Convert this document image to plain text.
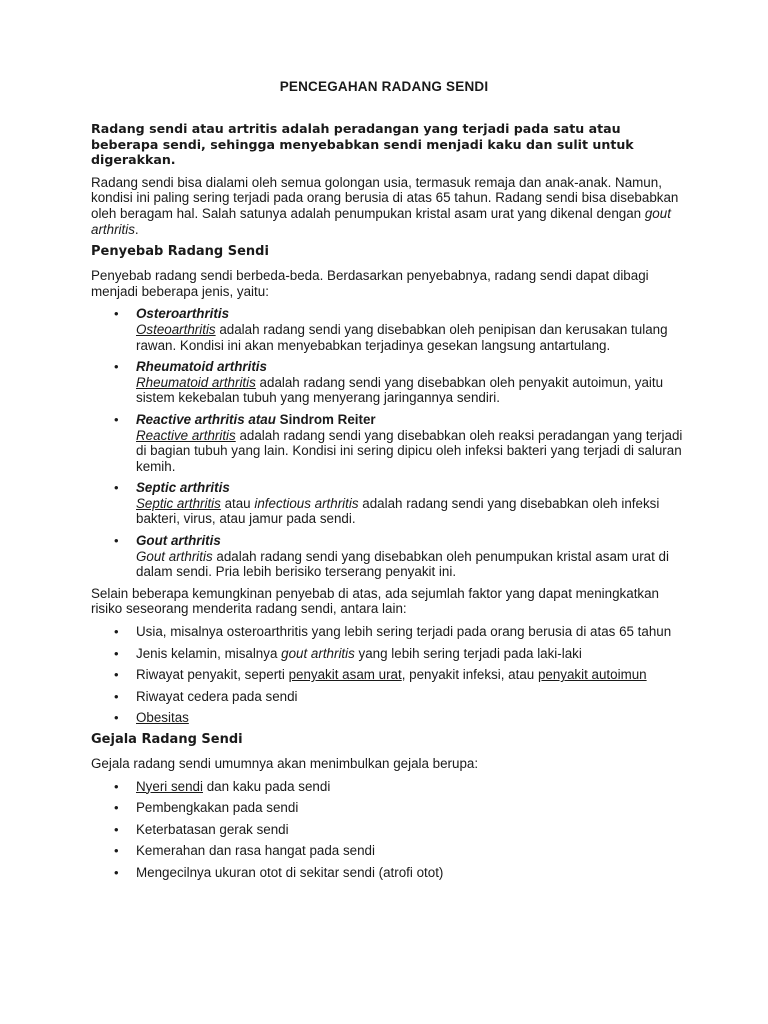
PENCEGAHAN RADANG SENDI

Radang sendi atau artritis adalah peradangan yang terjadi pada satu atau beberapa sendi, sehingga menyebabkan sendi menjadi kaku dan sulit untuk digerakkan.

Radang sendi bisa dialami oleh semua golongan usia, termasuk remaja dan anak-anak. Namun, kondisi ini paling sering terjadi pada orang berusia di atas 65 tahun. Radang sendi bisa disebabkan oleh beragam hal. Salah satunya adalah penumpukan kristal asam urat yang dikenal dengan gout arthritis.

Penyebab Radang Sendi

Penyebab radang sendi berbeda-beda. Berdasarkan penyebabnya, radang sendi dapat dibagi menjadi beberapa jenis, yaitu:

• Osteroarthritis
Osteoarthritis adalah radang sendi yang disebabkan oleh penipisan dan kerusakan tulang rawan. Kondisi ini akan menyebabkan terjadinya gesekan langsung antartulang.
• Rheumatoid arthritis
Rheumatoid arthritis adalah radang sendi yang disebabkan oleh penyakit autoimun, yaitu sistem kekebalan tubuh yang menyerang jaringannya sendiri.
• Reactive arthritis atau Sindrom Reiter
Reactive arthritis adalah radang sendi yang disebabkan oleh reaksi peradangan yang terjadi di bagian tubuh yang lain. Kondisi ini sering dipicu oleh infeksi bakteri yang terjadi di saluran kemih.
• Septic arthritis
Septic arthritis atau infectious arthritis adalah radang sendi yang disebabkan oleh infeksi bakteri, virus, atau jamur pada sendi.
• Gout arthritis
Gout arthritis adalah radang sendi yang disebabkan oleh penumpukan kristal asam urat di dalam sendi. Pria lebih berisiko terserang penyakit ini.

Selain beberapa kemungkinan penyebab di atas, ada sejumlah faktor yang dapat meningkatkan risiko seseorang menderita radang sendi, antara lain:

• Usia, misalnya osteroarthritis yang lebih sering terjadi pada orang berusia di atas 65 tahun
• Jenis kelamin, misalnya gout arthritis yang lebih sering terjadi pada laki-laki
• Riwayat penyakit, seperti penyakit asam urat, penyakit infeksi, atau penyakit autoimun
• Riwayat cedera pada sendi
• Obesitas
Gejala Radang Sendi

Gejala radang sendi umumnya akan menimbulkan gejala berupa:

• Nyeri sendi dan kaku pada sendi
• Pembengkakan pada sendi
• Keterbatasan gerak sendi
• Kemerahan dan rasa hangat pada sendi
• Mengecilnya ukuran otot di sekitar sendi (atrofi otot)
